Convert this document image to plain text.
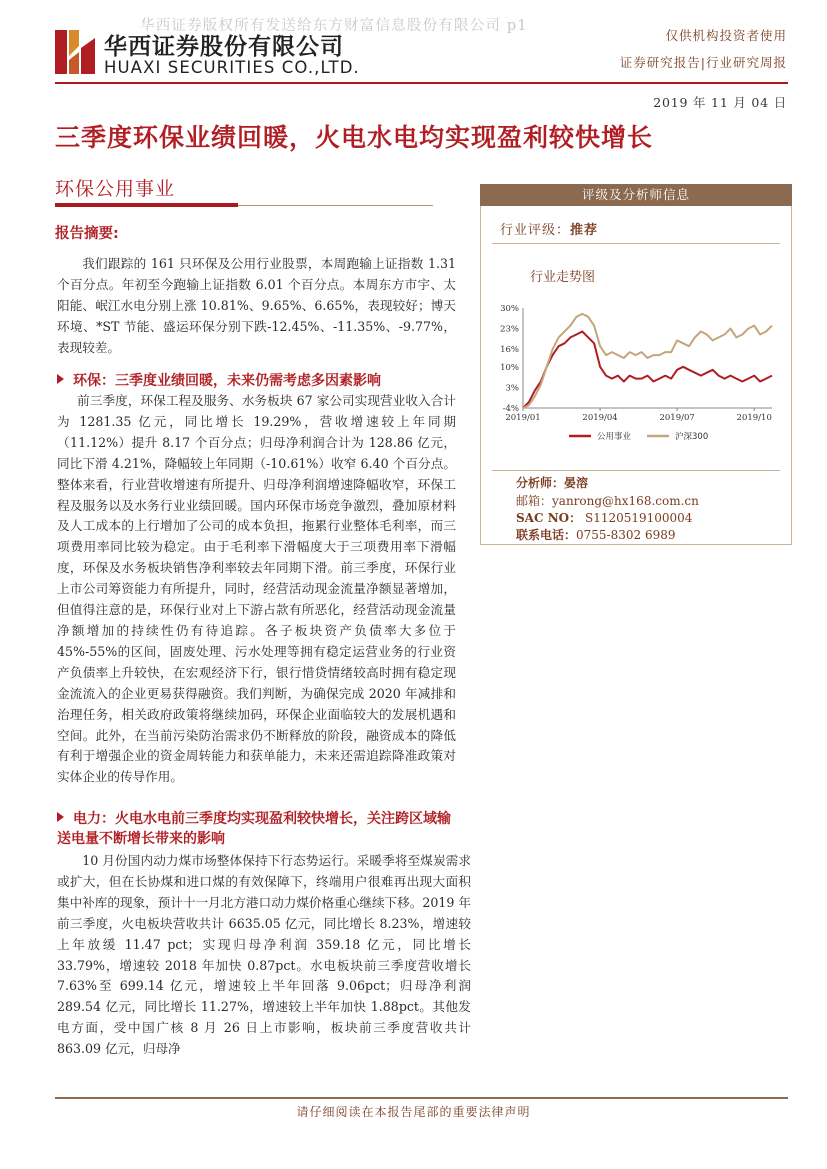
华西证券版权所有发送给东方财富信息股份有限公司 p1
华西证券股份有限公司
HUAXI SECURITIES CO.,LTD.
仅供机构投资者使用
证券研究报告|行业研究周报
2019 年 11 月 04 日
三季度环保业绩回暖，火电水电均实现盈利较快增长
环保公用事业
报告摘要:
我们跟踪的 161 只环保及公用行业股票，本周跑输上证指数 1.31 个百分点。年初至今跑输上证指数 6.01 个百分点。本周东方市宇、太阳能、岷江水电分别上涨 10.81%、9.65%、6.65%，表现较好；博天环境、*ST 节能、盛运环保分别下跌-12.45%、-11.35%、-9.77%，表现较差。
环保：三季度业绩回暖，未来仍需考虑多因素影响
前三季度，环保工程及服务、水务板块 67 家公司实现营业收入合计为 1281.35 亿元，同比增长 19.29%，营收增速较上年同期（11.12%）提升 8.17 个百分点；归母净利润合计为 128.86 亿元，同比下滑 4.21%，降幅较上年同期（-10.61%）收窄 6.40 个百分点。整体来看，行业营收增速有所提升、归母净利润增速降幅收窄，环保工程及服务以及水务行业业绩回暖。国内环保市场竞争激烈，叠加原材料及人工成本的上行增加了公司的成本负担，拖累行业整体毛利率，而三项费用率同比较为稳定。由于毛利率下滑幅度大于三项费用率下滑幅度，环保及水务板块销售净利率较去年同期下滑。前三季度，环保行业上市公司筹资能力有所提升，同时，经营活动现金流量净额显著增加，但值得注意的是，环保行业对上下游占款有所恶化，经营活动现金流量净额增加的持续性仍有待追踪。各子板块资产负债率大多位于 45%-55%的区间，固废处理、污水处理等拥有稳定运营业务的行业资产负债率上升较快，在宏观经济下行，银行惜贷情绪较高时拥有稳定现金流流入的企业更易获得融资。我们判断，为确保完成 2020 年减排和治理任务，相关政府政策将继续加码，环保企业面临较大的发展机遇和空间。此外，在当前污染防治需求仍不断释放的阶段，融资成本的降低有利于增强企业的资金周转能力和获单能力，未来还需追踪降准政策对实体企业的传导作用。
电力：火电水电前三季度均实现盈利较快增长，关注跨区域输送电量不断增长带来的影响
10 月份国内动力煤市场整体保持下行态势运行。采暖季将至煤炭需求或扩大，但在长协煤和进口煤的有效保障下，终端用户很难再出现大面积集中补库的现象，预计十一月北方港口动力煤价格重心继续下移。2019 年前三季度，火电板块营收共计 6635.05 亿元，同比增长 8.23%，增速较上年放缓 11.47 pct；实现归母净利润 359.18 亿元，同比增长 33.79%，增速较 2018 年加快 0.87pct。水电板块前三季度营收增长 7.63%至 699.14 亿元，增速较上半年回落 9.06pct；归母净利润 289.54 亿元，同比增长 11.27%，增速较上半年加快 1.88pct。其他发电方面，受中国广核 8 月 26 日上市影响，板块前三季度营收共计 863.09 亿元，归母净
评级及分析师信息
行业评级：推荐
行业走势图
30%
23%
16%
10%
3%
-4%
2019/01	2019/04	2019/07	2019/10
公用事业	沪深300
分析师：晏溶
邮箱：yanrong@hx168.com.cn
SAC NO： S1120519100004
联系电话：0755-8302 6989
请仔细阅读在本报告尾部的重要法律声明
